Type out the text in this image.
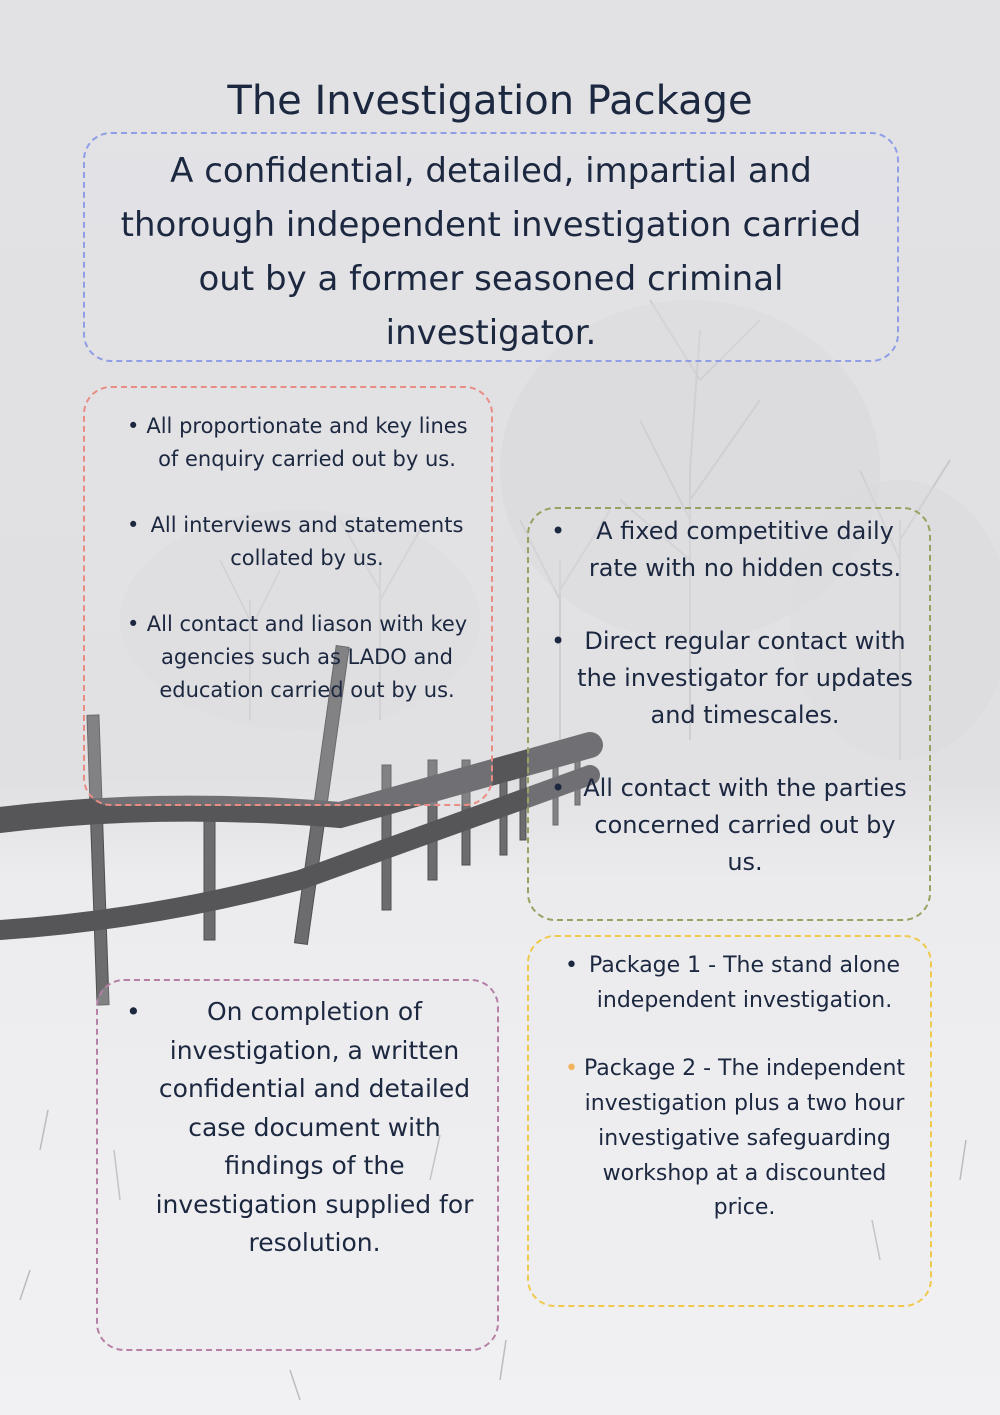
The Investigation Package

A confidential, detailed, impartial and thorough independent investigation carried out by a former seasoned criminal investigator.

• All proportionate and key lines of enquiry carried out by us.
• All interviews and statements collated by us.
• All contact and liason with key agencies such as LADO and education carried out by us.
• A fixed competitive daily rate with no hidden costs.
• Direct regular contact with the investigator for updates and timescales.
• All contact with the parties concerned carried out by us.
•	On completion of investigation, a written confidential and detailed case document with findings of the investigation supplied for resolution.
• Package 1 - The stand alone independent investigation.
• Package 2 - The independent investigation plus a two hour investigative safeguarding workshop at a discounted price.
